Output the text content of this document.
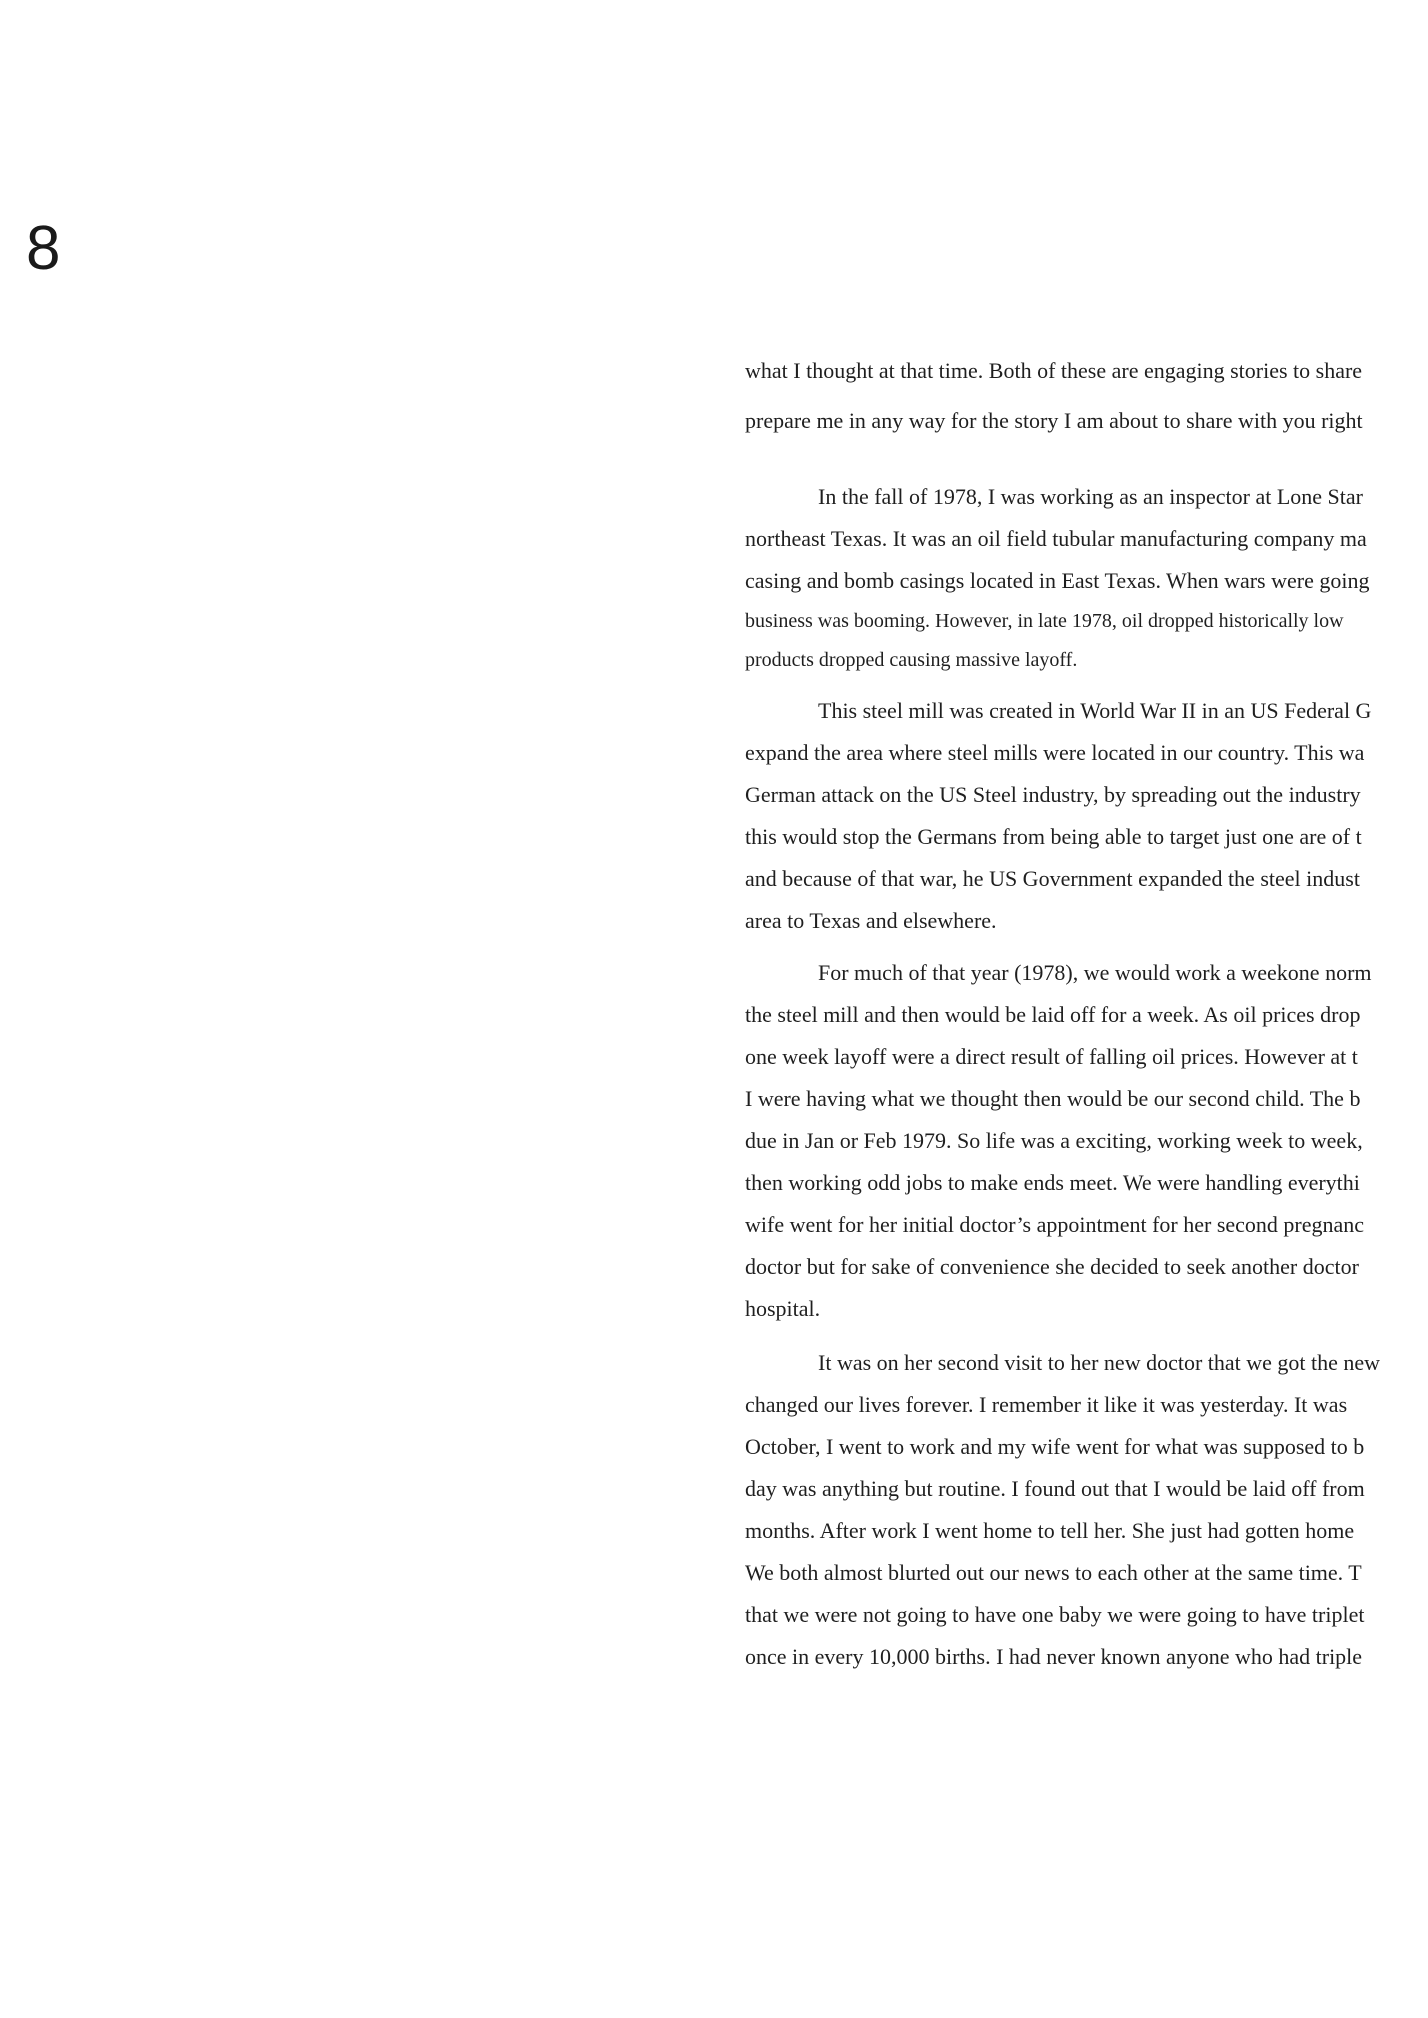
8

what I thought at that time. Both of these are engaging stories to share
prepare me in any way for the story I am about to share with you right

In the fall of 1978, I was working as an inspector at Lone Star
northeast Texas. It was an oil field tubular manufacturing company ma
casing and bomb casings located in East Texas. When wars were going
business was booming. However, in late 1978, oil dropped historically low
products dropped causing massive layoff.

This steel mill was created in World War II in an US Federal G
expand the area where steel mills were located in our country. This wa
German attack on the US Steel industry, by spreading out the industry
this would stop the Germans from being able to target just one are of t
and because of that war, he US Government expanded the steel indust
area to Texas and elsewhere.

For much of that year (1978), we would work a weekone norm
the steel mill and then would be laid off for a week. As oil prices drop
one week layoff were a direct result of falling oil prices. However at t
I were having what we thought then would be our second child. The b
due in Jan or Feb 1979. So life was a exciting, working week to week,
then working odd jobs to make ends meet. We were handling everythi
wife went for her initial doctor’s appointment for her second pregnanc
doctor but for sake of convenience she decided to seek another doctor
hospital.

It was on her second visit to her new doctor that we got the new
changed our lives forever. I remember it like it was yesterday. It was
October, I went to work and my wife went for what was supposed to b
day was anything but routine. I found out that I would be laid off from
months. After work I went home to tell her. She just had gotten home
We both almost blurted out our news to each other at the same time. T
that we were not going to have one baby we were going to have triplet
once in every 10,000 births. I had never known anyone who had triple
